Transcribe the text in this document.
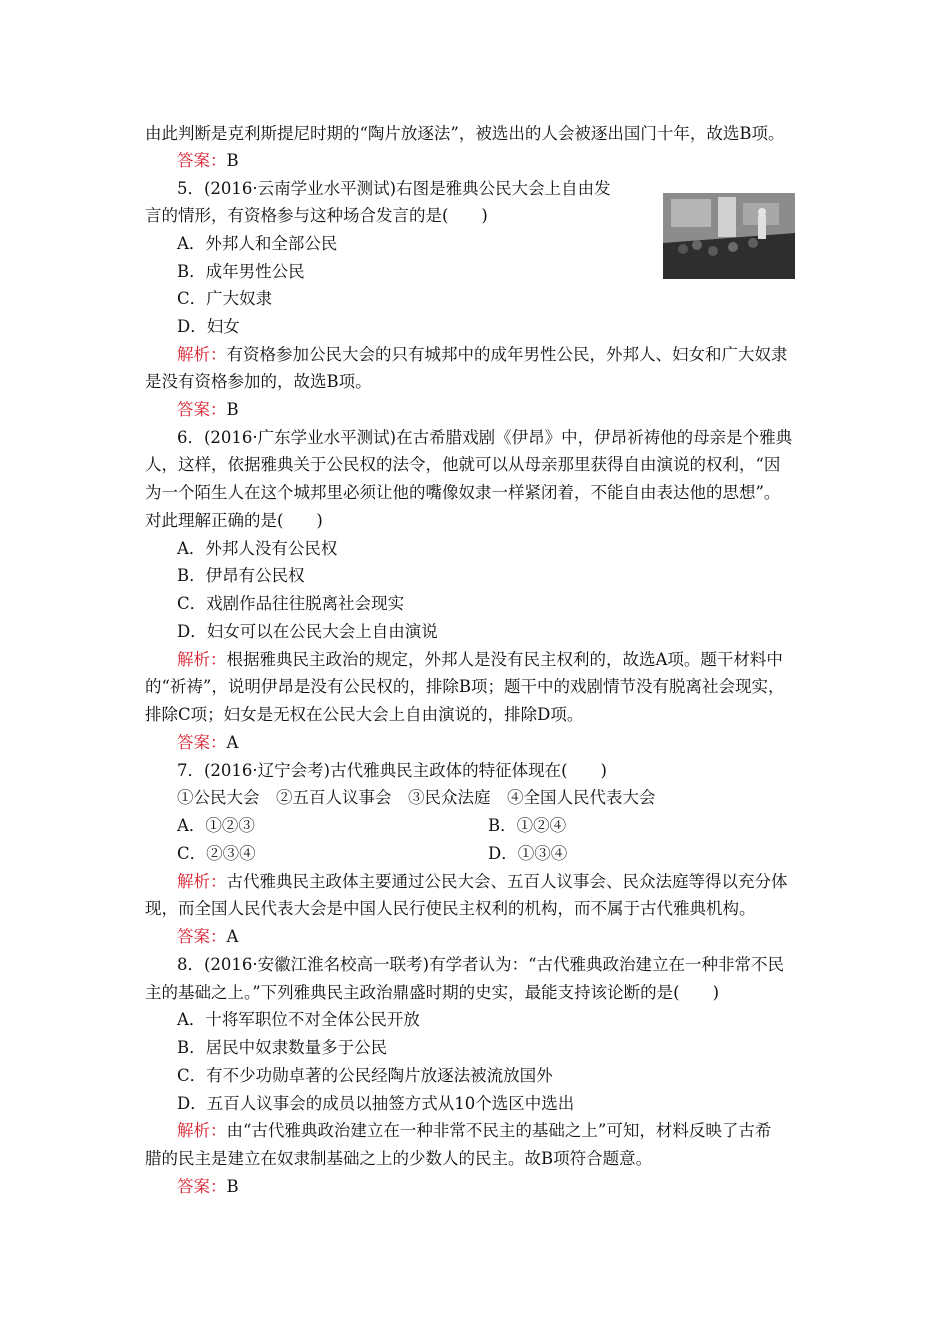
由此判断是克利斯提尼时期的“陶片放逐法”，被选出的人会被逐出国门十年，故选B项。
答案：B
5．(2016·云南学业水平测试)右图是雅典公民大会上自由发
言的情形，有资格参与这种场合发言的是(　　)
A．外邦人和全部公民
B．成年男性公民
C．广大奴隶
D．妇女
解析：有资格参加公民大会的只有城邦中的成年男性公民，外邦人、妇女和广大奴隶
是没有资格参加的，故选B项。
答案：B
6．(2016·广东学业水平测试)在古希腊戏剧《伊昂》中，伊昂祈祷他的母亲是个雅典
人，这样，依据雅典关于公民权的法令，他就可以从母亲那里获得自由演说的权利，“因
为一个陌生人在这个城邦里必须让他的嘴像奴隶一样紧闭着，不能自由表达他的思想”。
对此理解正确的是(　　)
A．外邦人没有公民权
B．伊昂有公民权
C．戏剧作品往往脱离社会现实
D．妇女可以在公民大会上自由演说
解析：根据雅典民主政治的规定，外邦人是没有民主权利的，故选A项。题干材料中
的“祈祷”，说明伊昂是没有公民权的，排除B项；题干中的戏剧情节没有脱离社会现实，
排除C项；妇女是无权在公民大会上自由演说的，排除D项。
答案：A
7．(2016·辽宁会考)古代雅典民主政体的特征体现在(　　)
①公民大会　②五百人议事会　③民众法庭　④全国人民代表大会
A．①②③	B．①②④
C．②③④	D．①③④
解析：古代雅典民主政体主要通过公民大会、五百人议事会、民众法庭等得以充分体
现，而全国人民代表大会是中国人民行使民主权利的机构，而不属于古代雅典机构。
答案：A
8．(2016·安徽江淮名校高一联考)有学者认为：“古代雅典政治建立在一种非常不民
主的基础之上。”下列雅典民主政治鼎盛时期的史实，最能支持该论断的是(　　)
A．十将军职位不对全体公民开放
B．居民中奴隶数量多于公民
C．有不少功勋卓著的公民经陶片放逐法被流放国外
D．五百人议事会的成员以抽签方式从10个选区中选出
解析：由“古代雅典政治建立在一种非常不民主的基础之上”可知，材料反映了古希
腊的民主是建立在奴隶制基础之上的少数人的民主。故B项符合题意。
答案：B
